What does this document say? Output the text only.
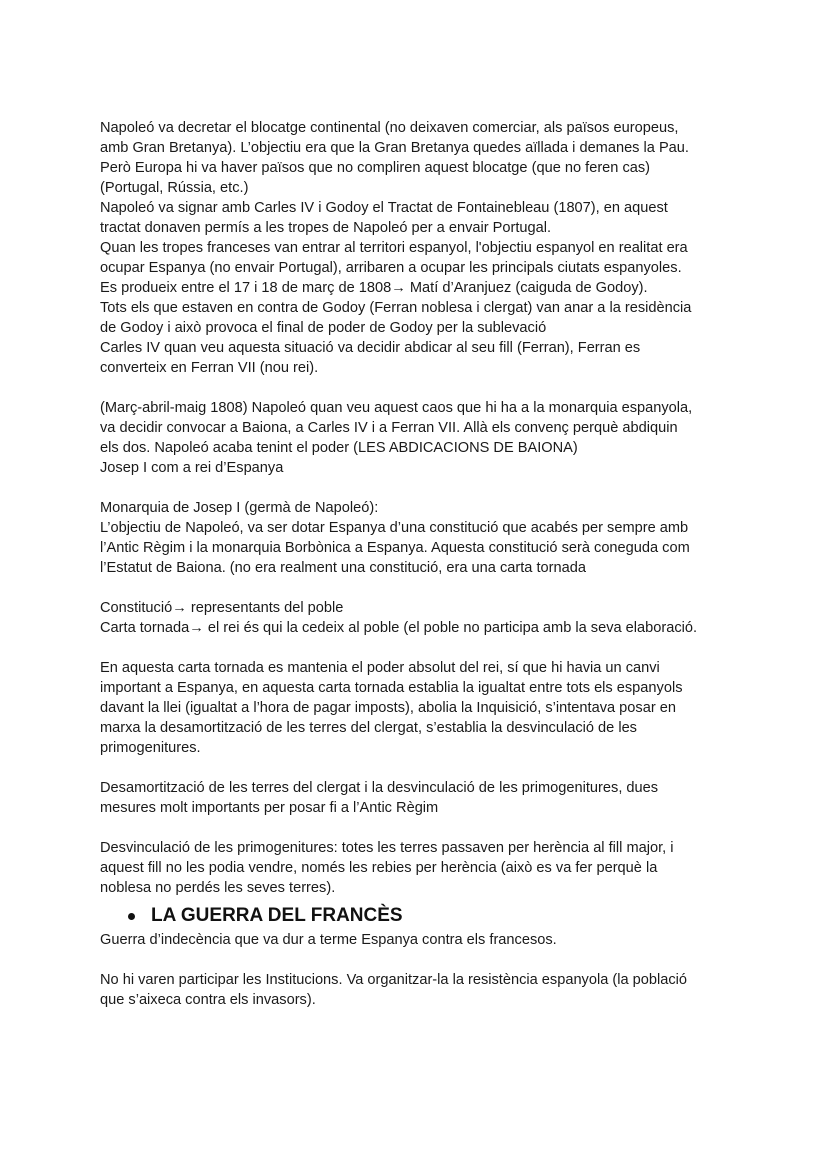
Napoleó va decretar el blocatge continental (no deixaven comerciar, als països europeus,
amb Gran Bretanya). L’objectiu era que la Gran Bretanya quedes aïllada i demanes la Pau.
Però Europa hi va haver països que no compliren aquest blocatge (que no feren cas)
(Portugal, Rússia, etc.)
Napoleó va signar amb Carles IV i Godoy el Tractat de Fontainebleau (1807), en aquest
tractat donaven permís a les tropes de Napoleó per a envair Portugal.
Quan les tropes franceses van entrar al territori espanyol, l'objectiu espanyol en realitat era
ocupar Espanya (no envair Portugal), arribaren a ocupar les principals ciutats espanyoles.
Es produeix entre el 17 i 18 de març de 1808→ Matí d’Aranjuez (caiguda de Godoy).
Tots els que estaven en contra de Godoy (Ferran noblesa i clergat) van anar a la residència
de Godoy i això provoca el final de poder de Godoy per la sublevació
Carles IV quan veu aquesta situació va decidir abdicar al seu fill (Ferran), Ferran es
converteix en Ferran VII (nou rei).
(Març-abril-maig 1808) Napoleó quan veu aquest caos que hi ha a la monarquia espanyola,
va decidir convocar a Baiona, a Carles IV i a Ferran VII. Allà els convenç perquè abdiquin
els dos. Napoleó acaba tenint el poder (LES ABDICACIONS DE BAIONA)
Josep I com a rei d’Espanya
Monarquia de Josep I (germà de Napoleó):
L’objectiu de Napoleó, va ser dotar Espanya d’una constitució que acabés per sempre amb
l’Antic Règim i la monarquia Borbònica a Espanya. Aquesta constitució serà coneguda com
l’Estatut de Baiona. (no era realment una constitució, era una carta tornada
Constitució→ representants del poble
Carta tornada→ el rei és qui la cedeix al poble (el poble no participa amb la seva elaboració.
En aquesta carta tornada es mantenia el poder absolut del rei, sí que hi havia un canvi
important a Espanya, en aquesta carta tornada establia la igualtat entre tots els espanyols
davant la llei (igualtat a l’hora de pagar imposts), abolia la Inquisició, s’intentava posar en
marxa la desamortització de les terres del clergat, s’establia la desvinculació de les
primogenitures.
Desamortització de les terres del clergat i la desvinculació de les primogenitures, dues
mesures molt importants per posar fi a l’Antic Règim
Desvinculació de les primogenitures: totes les terres passaven per herència al fill major, i
aquest fill no les podia vendre, només les rebies per herència (això es va fer perquè la
noblesa no perdés les seves terres).
LA GUERRA DEL FRANCÈS
Guerra d’indecència que va dur a terme Espanya contra els francesos.
No hi varen participar les Institucions. Va organitzar-la la resistència espanyola (la població
que s’aixeca contra els invasors).
